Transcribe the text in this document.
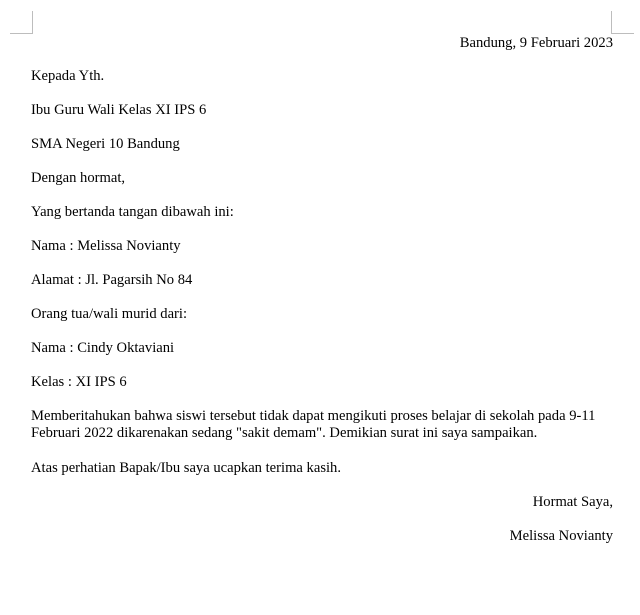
Bandung, 9 Februari 2023
Kepada Yth.
Ibu Guru Wali Kelas XI IPS 6
SMA Negeri 10 Bandung
Dengan hormat,
Yang bertanda tangan dibawah ini:
Nama : Melissa Novianty
Alamat : Jl. Pagarsih No 84
Orang tua/wali murid dari:
Nama : Cindy Oktaviani
Kelas : XI IPS 6
Memberitahukan bahwa siswi tersebut tidak dapat mengikuti proses belajar di sekolah pada 9-11 Februari 2022 dikarenakan sedang "sakit demam". Demikian surat ini saya sampaikan.
Atas perhatian Bapak/Ibu saya ucapkan terima kasih.
Hormat Saya,
Melissa Novianty
